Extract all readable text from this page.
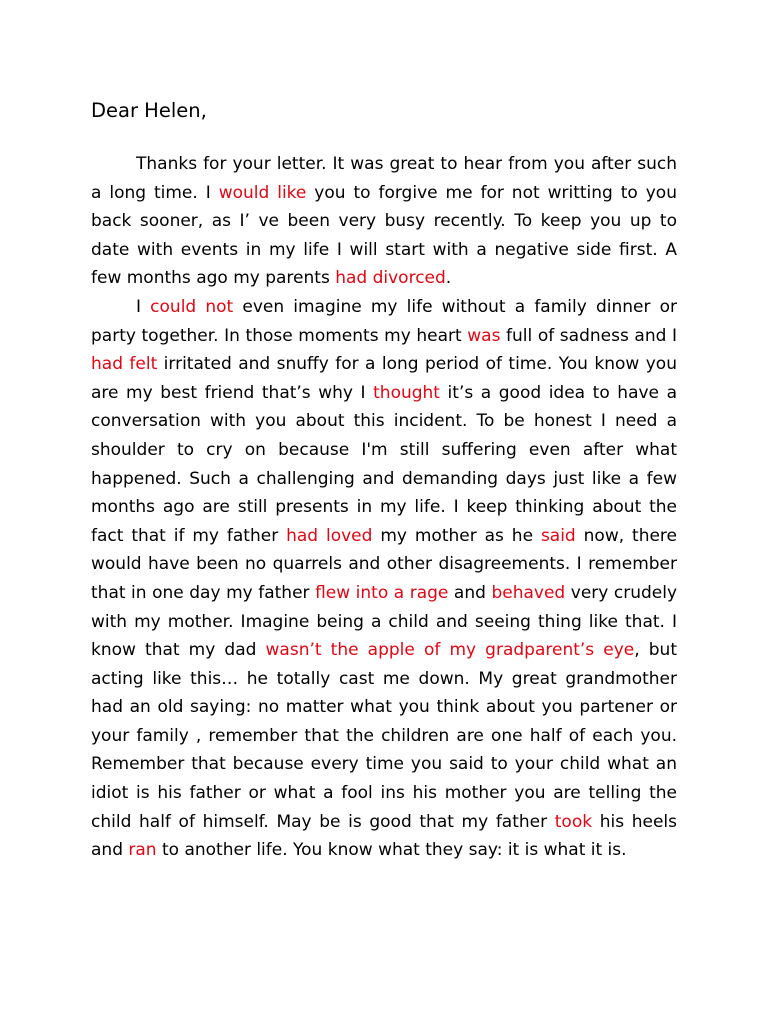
Dear Helen,

Thanks for your letter. It was great to hear from you after such a long time. I would like you to forgive me for not writting to you back sooner, as I’ ve been very busy recently. To keep you up to date with events in my life I will start with a negative side first. A few months ago my parents had divorced.

I could not even imagine my life without a family dinner or party together. In those moments my heart was full of sadness and I had felt irritated and snuffy for a long period of time. You know you are my best friend that’s why I thought it’s a good idea to have a conversation with you about this incident. To be honest I need a shoulder to cry on because I'm still suffering even after what happened. Such a challenging and demanding days just like a few months ago are still presents in my life. I keep thinking about the fact that if my father had loved my mother as he said now, there would have been no quarrels and other disagreements. I remember that in one day my father flew into a rage and behaved very crudely with my mother. Imagine being a child and seeing thing like that. I know that my dad wasn’t the apple of my gradparent’s eye, but acting like this… he totally cast me down. My great grandmother had an old saying: no matter what you think about you partener or your family , remember that the children are one half of each you. Remember that because every time you said to your child what an idiot is his father or what a fool ins his mother you are telling the child half of himself. May be is good that my father took his heels and ran to another life. You know what they say: it is what it is.
